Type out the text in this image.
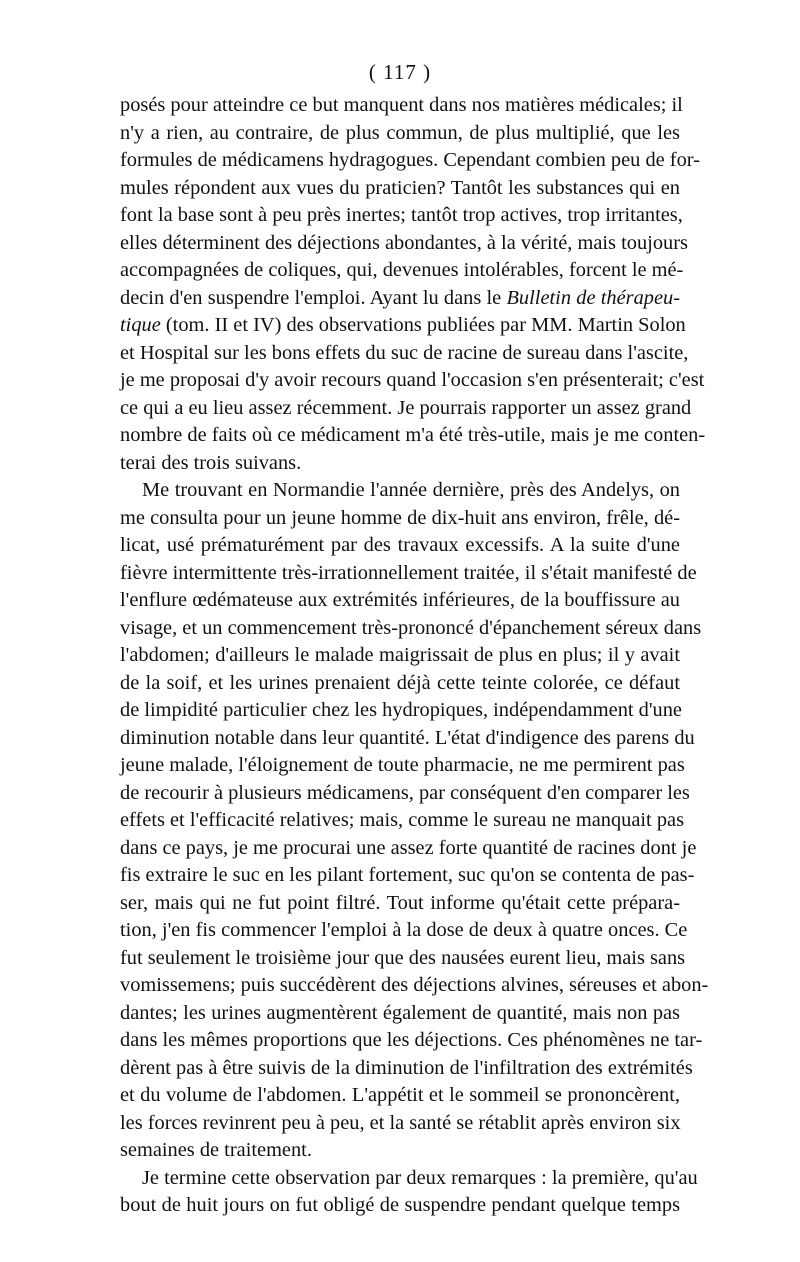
( 117 )
posés pour atteindre ce but manquent dans nos matières médicales; il
n'y a rien, au contraire, de plus commun, de plus multiplié, que les
formules de médicamens hydragogues. Cependant combien peu de for-
mules répondent aux vues du praticien? Tantôt les substances qui en
font la base sont à peu près inertes; tantôt trop actives, trop irritantes,
elles déterminent des déjections abondantes, à la vérité, mais toujours
accompagnées de coliques, qui, devenues intolérables, forcent le mé-
decin d'en suspendre l'emploi. Ayant lu dans le Bulletin de thérapeu-
tique (tom. II et IV) des observations publiées par MM. Martin Solon
et Hospital sur les bons effets du suc de racine de sureau dans l'ascite,
je me proposai d'y avoir recours quand l'occasion s'en présenterait; c'est
ce qui a eu lieu assez récemment. Je pourrais rapporter un assez grand
nombre de faits où ce médicament m'a été très-utile, mais je me conten-
terai des trois suivans.
Me trouvant en Normandie l'année dernière, près des Andelys, on
me consulta pour un jeune homme de dix-huit ans environ, frêle, dé-
licat, usé prématurément par des travaux excessifs. A la suite d'une
fièvre intermittente très-irrationnellement traitée, il s'était manifesté de
l'enflure œdémateuse aux extrémités inférieures, de la bouffissure au
visage, et un commencement très-prononcé d'épanchement séreux dans
l'abdomen; d'ailleurs le malade maigrissait de plus en plus; il y avait
de la soif, et les urines prenaient déjà cette teinte colorée, ce défaut
de limpidité particulier chez les hydropiques, indépendamment d'une
diminution notable dans leur quantité. L'état d'indigence des parens du
jeune malade, l'éloignement de toute pharmacie, ne me permirent pas
de recourir à plusieurs médicamens, par conséquent d'en comparer les
effets et l'efficacité relatives; mais, comme le sureau ne manquait pas
dans ce pays, je me procurai une assez forte quantité de racines dont je
fis extraire le suc en les pilant fortement, suc qu'on se contenta de pas-
ser, mais qui ne fut point filtré. Tout informe qu'était cette prépara-
tion, j'en fis commencer l'emploi à la dose de deux à quatre onces. Ce
fut seulement le troisième jour que des nausées eurent lieu, mais sans
vomissemens; puis succédèrent des déjections alvines, séreuses et abon-
dantes; les urines augmentèrent également de quantité, mais non pas
dans les mêmes proportions que les déjections. Ces phénomènes ne tar-
dèrent pas à être suivis de la diminution de l'infiltration des extrémités
et du volume de l'abdomen. L'appétit et le sommeil se prononcèrent,
les forces revinrent peu à peu, et la santé se rétablit après environ six
semaines de traitement.
Je termine cette observation par deux remarques : la première, qu'au
bout de huit jours on fut obligé de suspendre pendant quelque temps
